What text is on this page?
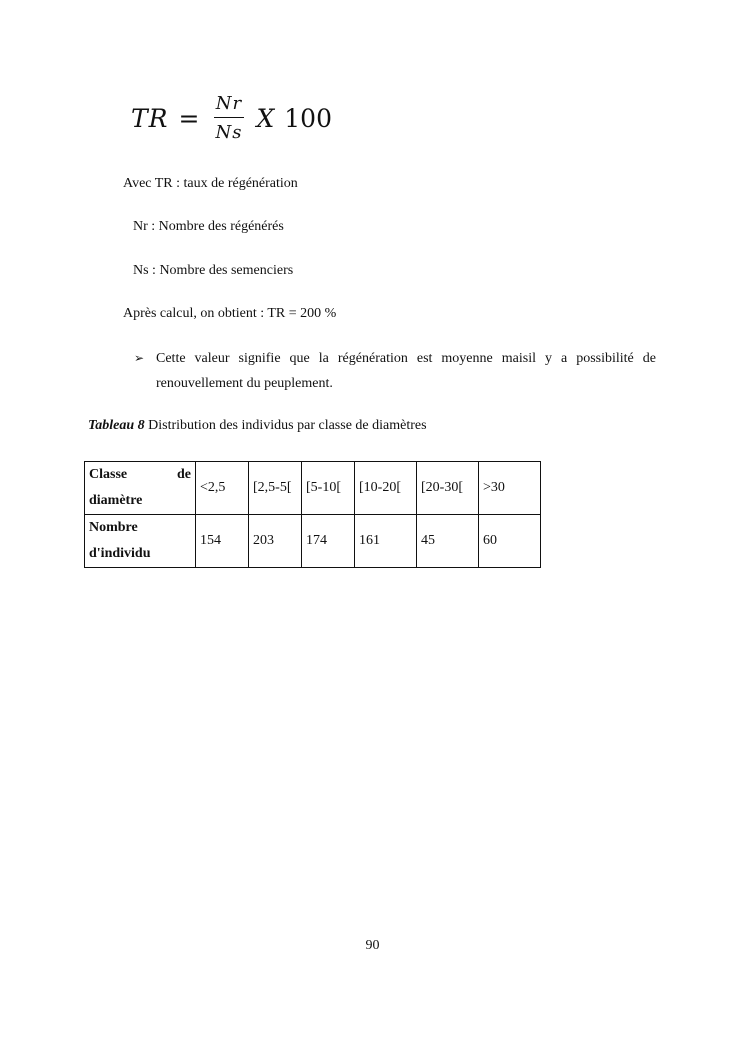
TR = $\frac{Nr}{Ns}$ X 100
Avec TR : taux de régénération
Nr : Nombre des régénérés
Ns : Nombre des semenciers
Après calcul, on obtient : TR = 200 %
➢ Cette valeur signifie que la régénération est moyenne maisil y a possibilité de renouvellement du peuplement.
Tableau 8 Distribution des individus par classe de diamètres
Classe de
diamètre	<2,5	[2,5-5[	[5-10[	[10-20[	[20-30[	>30

Nombre
d'individu	154	203	174	161	45	60
90
